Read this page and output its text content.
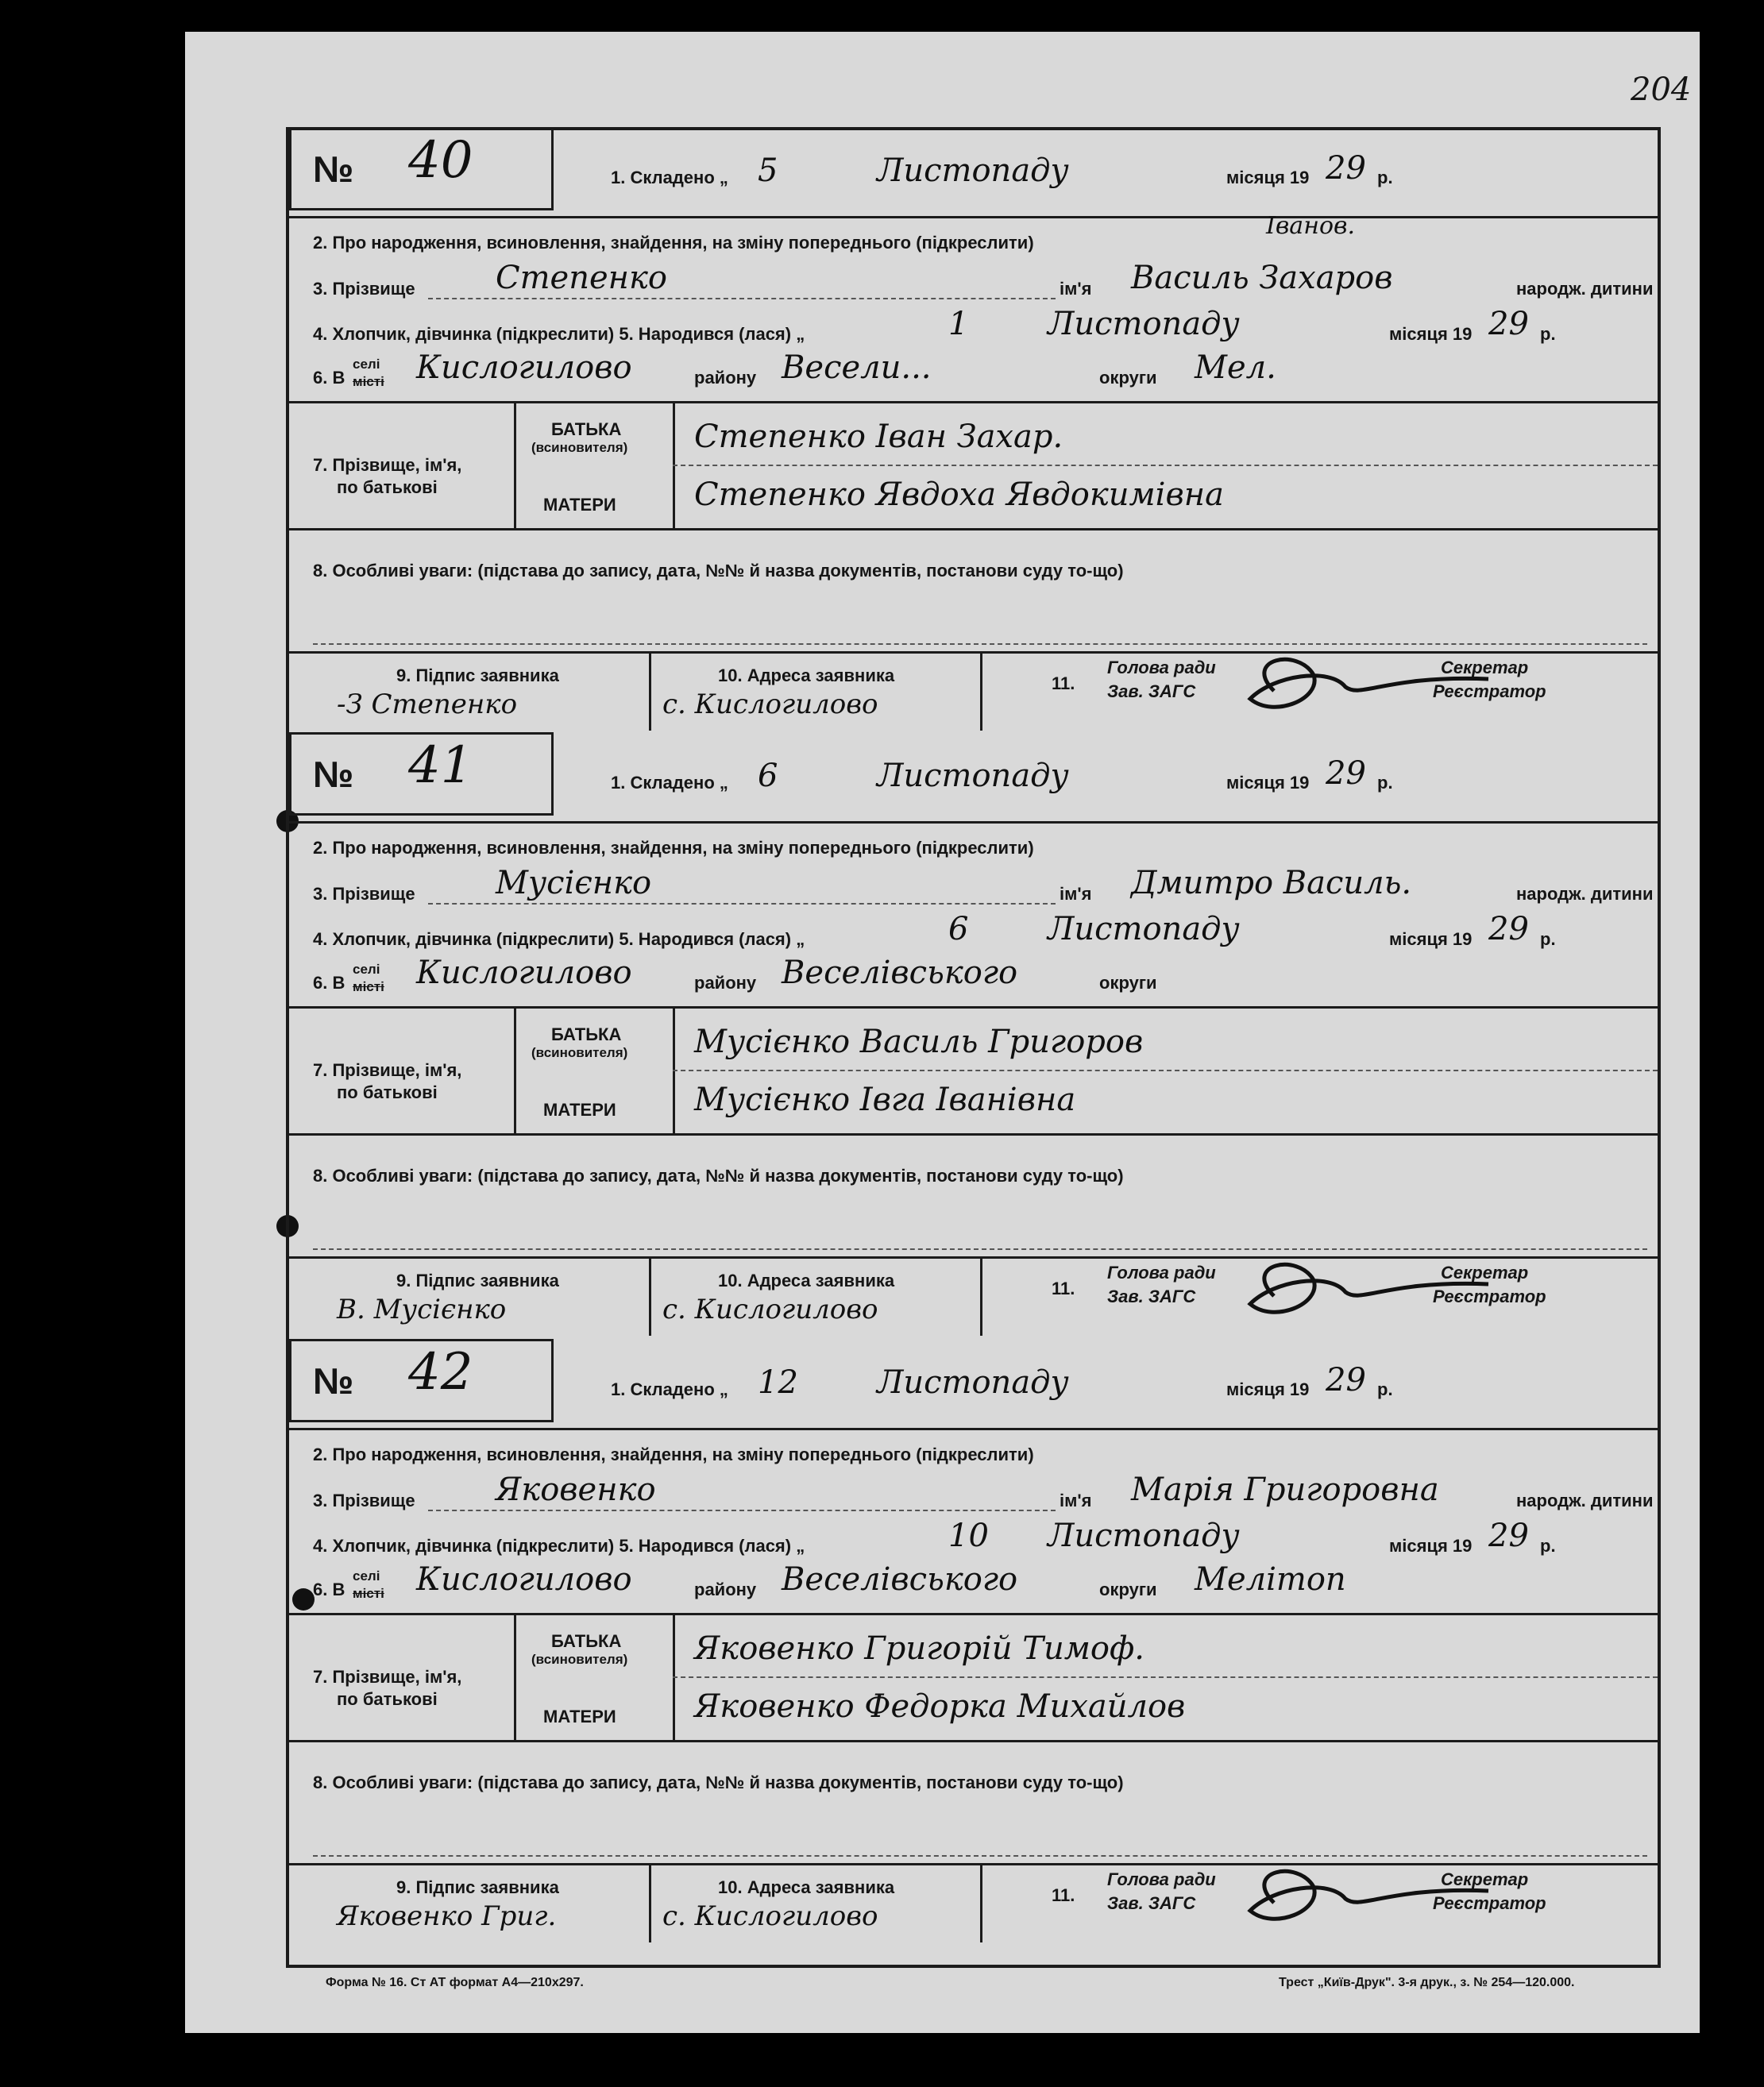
204
№ 40	1. Складено „ 5	Листопаду	місяця 19 29 р.
2. Про народження, всиновлення, знайдення, на зміну попереднього (підкреслити)
Іванов.
3. Прізвище	Степенко	ім'я Василь Захаров	народж. дитини
4. Хлопчик, дівчинка (підкреслити) 5. Народився (лася) „	1 Листопаду	місяця 19 29 р.
6. В
селі
місті Кислогилово	району Весели...	округи Мел.
7. Прізвище, ім'я,
по батькові
БАТЬКА
(всиновителя) Степенко Іван Захар.
МАТЕРИ Степенко Явдоха Явдокимівна
8. Особливі уваги: (підстава до запису, дата, №№ й назва документів, постанови суду то-що)
9. Підпис заявника
-З Степенко
10. Адреса заявника
с. Кислогилово
11.
Голова ради
Зав. ЗАГС
Секретар
Реєстратор
№ 41	1. Складено „ 6	Листопаду	місяця 19 29 р.
2. Про народження, всиновлення, знайдення, на зміну попереднього (підкреслити)
3. Прізвище	Мусієнко	ім'я Дмитро Василь.	народж. дитини
4. Хлопчик, дівчинка (підкреслити) 5. Народився (лася) „	6 Листопаду	місяця 19 29 р.
6. В
селі
місті Кислогилово	району Веселівського	округи
7. Прізвище, ім'я,
по батькові
БАТЬКА
(всиновителя) Мусієнко Василь Григоров
МАТЕРИ Мусієнко Івга Іванівна
8. Особливі уваги: (підстава до запису, дата, №№ й назва документів, постанови суду то-що)
9. Підпис заявника
В. Мусієнко
10. Адреса заявника
с. Кислогилово
11.
Голова ради
Зав. ЗАГС
Секретар
Реєстратор
№ 42	1. Складено „ 12 Листопаду	місяця 19 29 р.
2. Про народження, всиновлення, знайдення, на зміну попереднього (підкреслити)
3. Прізвище	Яковенко	ім'я Марія Григоровна	народж. дитини
4. Хлопчик, дівчинка (підкреслити) 5. Народився (лася) „	10 Листопаду	місяця 19 29 р.
6. В
селі
місті Кислогилово	району Веселівського	округи Мелітоп
7. Прізвище, ім'я,
по батькові
БАТЬКА
(всиновителя) Яковенко Григорій Тимоф.
МАТЕРИ Яковенко Федорка Михайлов
8. Особливі уваги: (підстава до запису, дата, №№ й назва документів, постанови суду то-що)
9. Підпис заявника
Яковенко Григ.
10. Адреса заявника
с. Кислогилово
11.
Голова ради
Зав. ЗАГС
Секретар
Реєстратор
Форма № 16. Ст АТ формат А4—210х297.	Трест „Київ-Друк". 3-я друк., з. № 254—120.000.
